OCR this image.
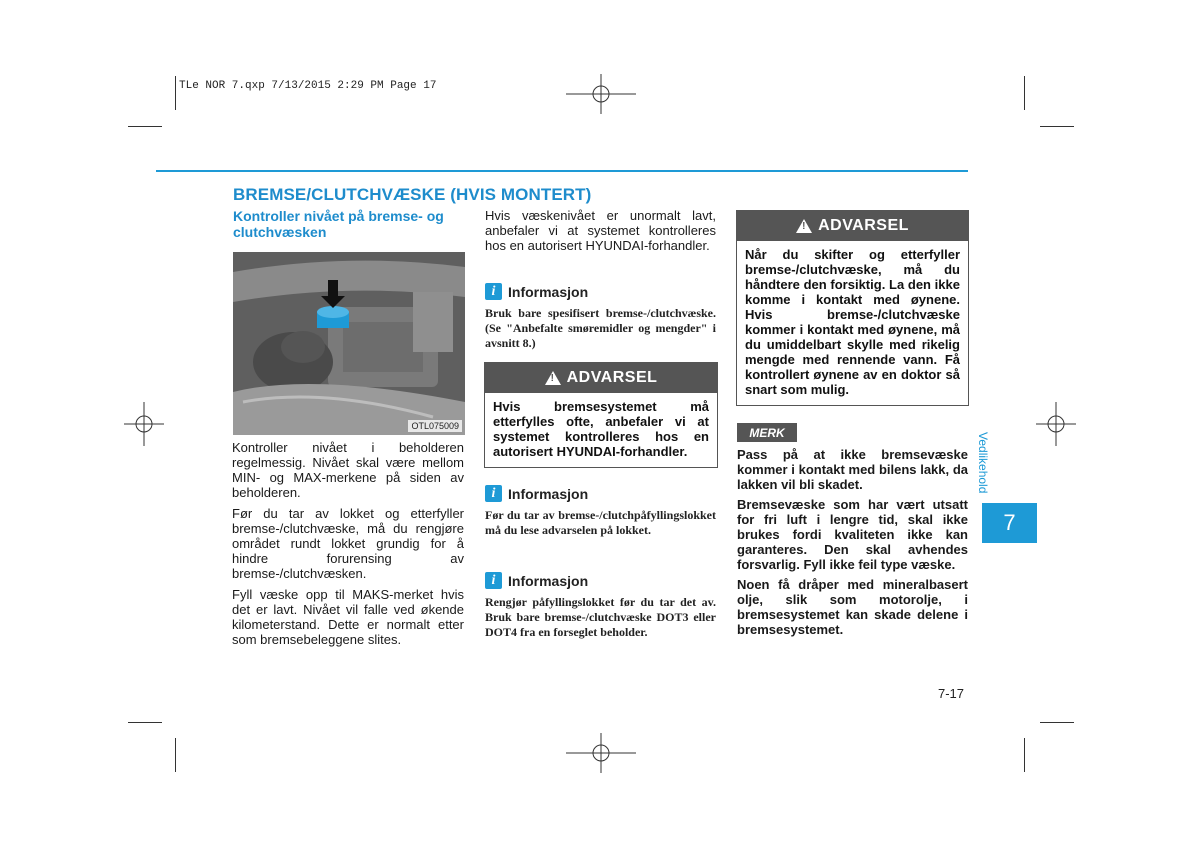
TLe NOR 7.qxp 7/13/2015 2:29 PM Page 17
BREMSE/CLUTCHVÆSKE (HVIS MONTERT)
Kontroller nivået på bremse- og clutchvæsken
OTL075009

Kontroller nivået i beholderen regelmessig. Nivået skal være mellom MIN- og MAX-merkene på siden av beholderen.

Før du tar av lokket og etterfyller bremse-/clutchvæske, må du rengjøre området rundt lokket grundig for å hindre forurensing av bremse-/clutchvæsken.

Fyll væske opp til MAKS-merket hvis det er lavt. Nivået vil falle ved økende kilometerstand. Dette er normalt etter som bremsebeleggene slites.

Hvis væskenivået er unormalt lavt, anbefaler vi at systemet kontrolleres hos en autorisert HYUNDAI-forhandler.
i Informasjon
Bruk bare spesifisert bremse-/clutchvæske. (Se "Anbefalte smøremidler og mengder" i avsnitt 8.)
! ADVARSEL
Hvis bremsesystemet må etterfylles ofte, anbefaler vi at systemet kontrolleres hos en autorisert HYUNDAI-forhandler.
i Informasjon
Før du tar av bremse-/clutchpåfyllingslokket må du lese advarselen på lokket.
i Informasjon
Rengjør påfyllingslokket før du tar det av. Bruk bare bremse-/clutchvæske DOT3 eller DOT4 fra en forseglet beholder.
! ADVARSEL
Når du skifter og etterfyller bremse-/clutchvæske, må du håndtere den forsiktig. La den ikke komme i kontakt med øynene. Hvis bremse-/clutchvæske kommer i kontakt med øynene, må du umiddelbart skylle med rikelig mengde med rennende vann. Få kontrollert øynene av en doktor så snart som mulig.
MERK

Pass på at ikke bremsevæske kommer i kontakt med bilens lakk, da lakken vil bli skadet.

Bremsevæske som har vært utsatt for fri luft i lengre tid, skal ikke brukes fordi kvaliteten ikke kan garanteres. Den skal avhendes forsvarlig. Fyll ikke feil type væske.

Noen få dråper med mineralbasert olje, slik som motorolje, i bremsesystemet kan skade delene i bremsesystemet.

Vedlikehold
7
7-17
